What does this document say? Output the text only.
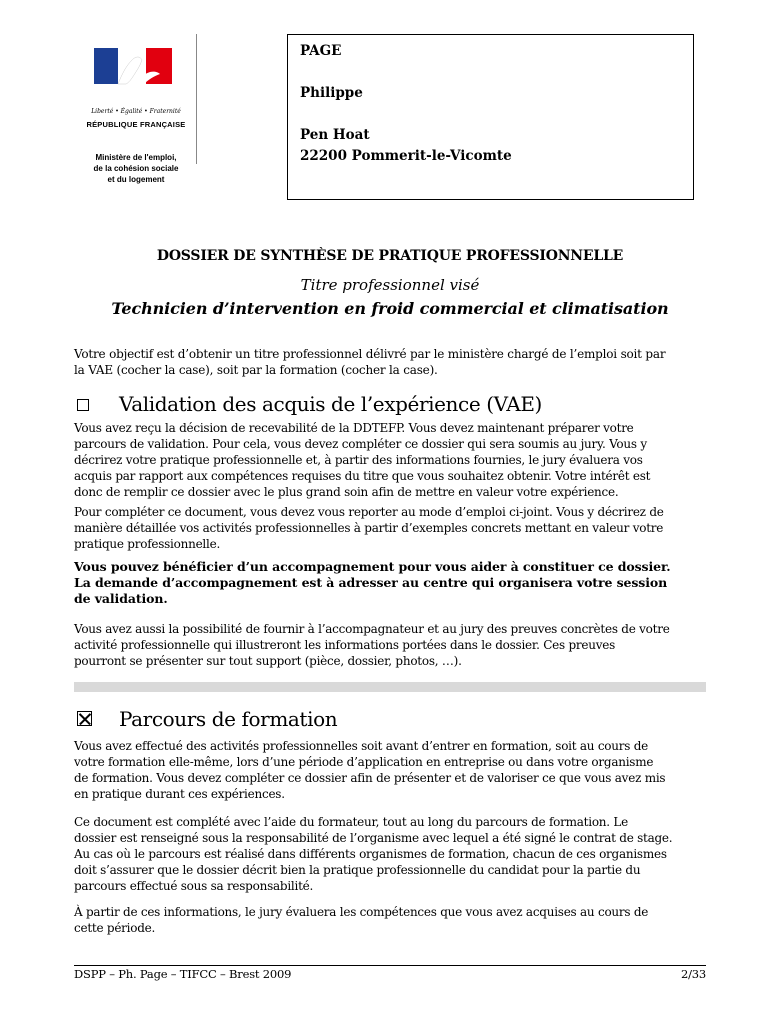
Liberté • Égalité • Fraternité
RÉPUBLIQUE FRANÇAISE
Ministère de l'emploi,
de la cohésion sociale
et du logement
PAGE
Philippe
Pen Hoat
22200 Pommerit-le-Vicomte
DOSSIER DE SYNTHÈSE DE PRATIQUE PROFESSIONNELLE
Titre professionnel visé
Technicien d’intervention en froid commercial et climatisation
Votre objectif est d’obtenir un titre professionnel délivré par le ministère chargé de l’emploi soit par
la VAE (cocher la case), soit par la formation (cocher la case).
Validation des acquis de l’expérience (VAE)
Vous avez reçu la décision de recevabilité de la DDTEFP. Vous devez maintenant préparer votre
parcours de validation. Pour cela, vous devez compléter ce dossier qui sera soumis au jury. Vous y
décrirez votre pratique professionnelle et, à partir des informations fournies, le jury évaluera vos
acquis par rapport aux compétences requises du titre que vous souhaitez obtenir. Votre intérêt est
donc de remplir ce dossier avec le plus grand soin afin de mettre en valeur votre expérience.
Pour compléter ce document, vous devez vous reporter au mode d’emploi ci-joint. Vous y décrirez de
manière détaillée vos activités professionnelles à partir d’exemples concrets mettant en valeur votre
pratique professionnelle.
Vous pouvez bénéficier d’un accompagnement pour vous aider à constituer ce dossier.
La demande d’accompagnement est à adresser au centre qui organisera votre session
de validation.
Vous avez aussi la possibilité de fournir à l’accompagnateur et au jury des preuves concrètes de votre
activité professionnelle qui illustreront les informations portées dans le dossier. Ces preuves
pourront se présenter sur tout support (pièce, dossier, photos, …).
Parcours de formation
Vous avez effectué des activités professionnelles soit avant d’entrer en formation, soit au cours de
votre formation elle-même, lors d’une période d’application en entreprise ou dans votre organisme
de formation. Vous devez compléter ce dossier afin de présenter et de valoriser ce que vous avez mis
en pratique durant ces expériences.
Ce document est complété avec l’aide du formateur, tout au long du parcours de formation. Le
dossier est renseigné sous la responsabilité de l’organisme avec lequel a été signé le contrat de stage.
Au cas où le parcours est réalisé dans différents organismes de formation, chacun de ces organismes
doit s’assurer que le dossier décrit bien la pratique professionnelle du candidat pour la partie du
parcours effectué sous sa responsabilité.
À partir de ces informations, le jury évaluera les compétences que vous avez acquises au cours de
cette période.
DSPP – Ph. Page – TIFCC – Brest 2009	2/33
